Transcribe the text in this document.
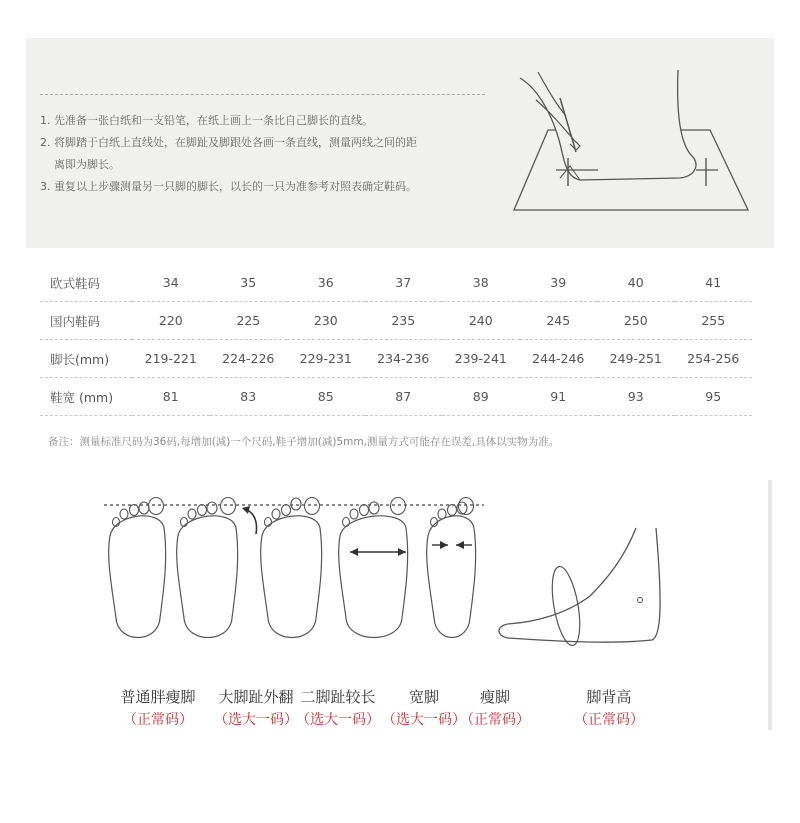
1. 先准备一张白纸和一支铅笔，在纸上画上一条比自己脚长的直线。

2. 将脚踏于白纸上直线处，在脚趾及脚跟处各画一条直线，测量两线之间的距

离即为脚长。

3. 重复以上步骤测量另一只脚的脚长，以长的一只为准参考对照表确定鞋码。

欧式鞋码	34	35	36	37	38	39	40	41
国内鞋码	220	225	230	235	240	245	250	255
脚长(mm)	219-221	224-226	229-231	234-236	239-241	244-246	249-251	254-256
鞋宽 (mm)	81	83	85	87	89	91	93	95
备注：测量标准尺码为36码,每增加(减)一个尺码,鞋子增加(减)5mm,测量方式可能存在误差,具体以实物为准。
普通胖瘦脚
（正常码）
大脚趾外翻
（选大一码）
二脚趾较长
（选大一码）
宽脚
（选大一码）
瘦脚
（正常码）
脚背高
（正常码）
